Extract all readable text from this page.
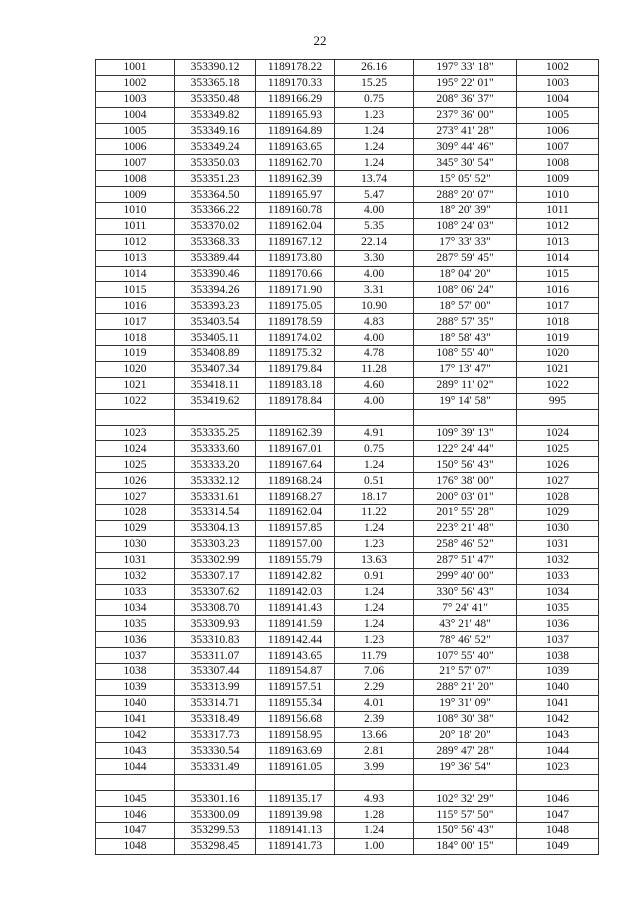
22
1001	353390.12	1189178.22	26.16	197° 33' 18"	1002
1002	353365.18	1189170.33	15.25	195° 22' 01"	1003
1003	353350.48	1189166.29	0.75	208° 36' 37"	1004
1004	353349.82	1189165.93	1.23	237° 36' 00"	1005
1005	353349.16	1189164.89	1.24	273° 41' 28"	1006
1006	353349.24	1189163.65	1.24	309° 44' 46"	1007
1007	353350.03	1189162.70	1.24	345° 30' 54"	1008
1008	353351.23	1189162.39	13.74	15° 05' 52"	1009
1009	353364.50	1189165.97	5.47	288° 20' 07"	1010
1010	353366.22	1189160.78	4.00	18° 20' 39"	1011
1011	353370.02	1189162.04	5.35	108° 24' 03"	1012
1012	353368.33	1189167.12	22.14	17° 33' 33"	1013
1013	353389.44	1189173.80	3.30	287° 59' 45"	1014
1014	353390.46	1189170.66	4.00	18° 04' 20"	1015
1015	353394.26	1189171.90	3.31	108° 06' 24"	1016
1016	353393.23	1189175.05	10.90	18° 57' 00"	1017
1017	353403.54	1189178.59	4.83	288° 57' 35"	1018
1018	353405.11	1189174.02	4.00	18° 58' 43"	1019
1019	353408.89	1189175.32	4.78	108° 55' 40"	1020
1020	353407.34	1189179.84	11.28	17° 13' 47"	1021
1021	353418.11	1189183.18	4.60	289° 11' 02"	1022
1022	353419.62	1189178.84	4.00	19° 14' 58"	995

1023	353335.25	1189162.39	4.91	109° 39' 13"	1024
1024	353333.60	1189167.01	0.75	122° 24' 44"	1025
1025	353333.20	1189167.64	1.24	150° 56' 43"	1026
1026	353332.12	1189168.24	0.51	176° 38' 00"	1027
1027	353331.61	1189168.27	18.17	200° 03' 01"	1028
1028	353314.54	1189162.04	11.22	201° 55' 28"	1029
1029	353304.13	1189157.85	1.24	223° 21' 48"	1030
1030	353303.23	1189157.00	1.23	258° 46' 52"	1031
1031	353302.99	1189155.79	13.63	287° 51' 47"	1032
1032	353307.17	1189142.82	0.91	299° 40' 00"	1033
1033	353307.62	1189142.03	1.24	330° 56' 43"	1034
1034	353308.70	1189141.43	1.24	7° 24' 41"	1035
1035	353309.93	1189141.59	1.24	43° 21' 48"	1036
1036	353310.83	1189142.44	1.23	78° 46' 52"	1037
1037	353311.07	1189143.65	11.79	107° 55' 40"	1038
1038	353307.44	1189154.87	7.06	21° 57' 07"	1039
1039	353313.99	1189157.51	2.29	288° 21' 20"	1040
1040	353314.71	1189155.34	4.01	19° 31' 09"	1041
1041	353318.49	1189156.68	2.39	108° 30' 38"	1042
1042	353317.73	1189158.95	13.66	20° 18' 20"	1043
1043	353330.54	1189163.69	2.81	289° 47' 28"	1044
1044	353331.49	1189161.05	3.99	19° 36' 54"	1023

1045	353301.16	1189135.17	4.93	102° 32' 29"	1046
1046	353300.09	1189139.98	1.28	115° 57' 50"	1047
1047	353299.53	1189141.13	1.24	150° 56' 43"	1048
1048	353298.45	1189141.73	1.00	184° 00' 15"	1049
